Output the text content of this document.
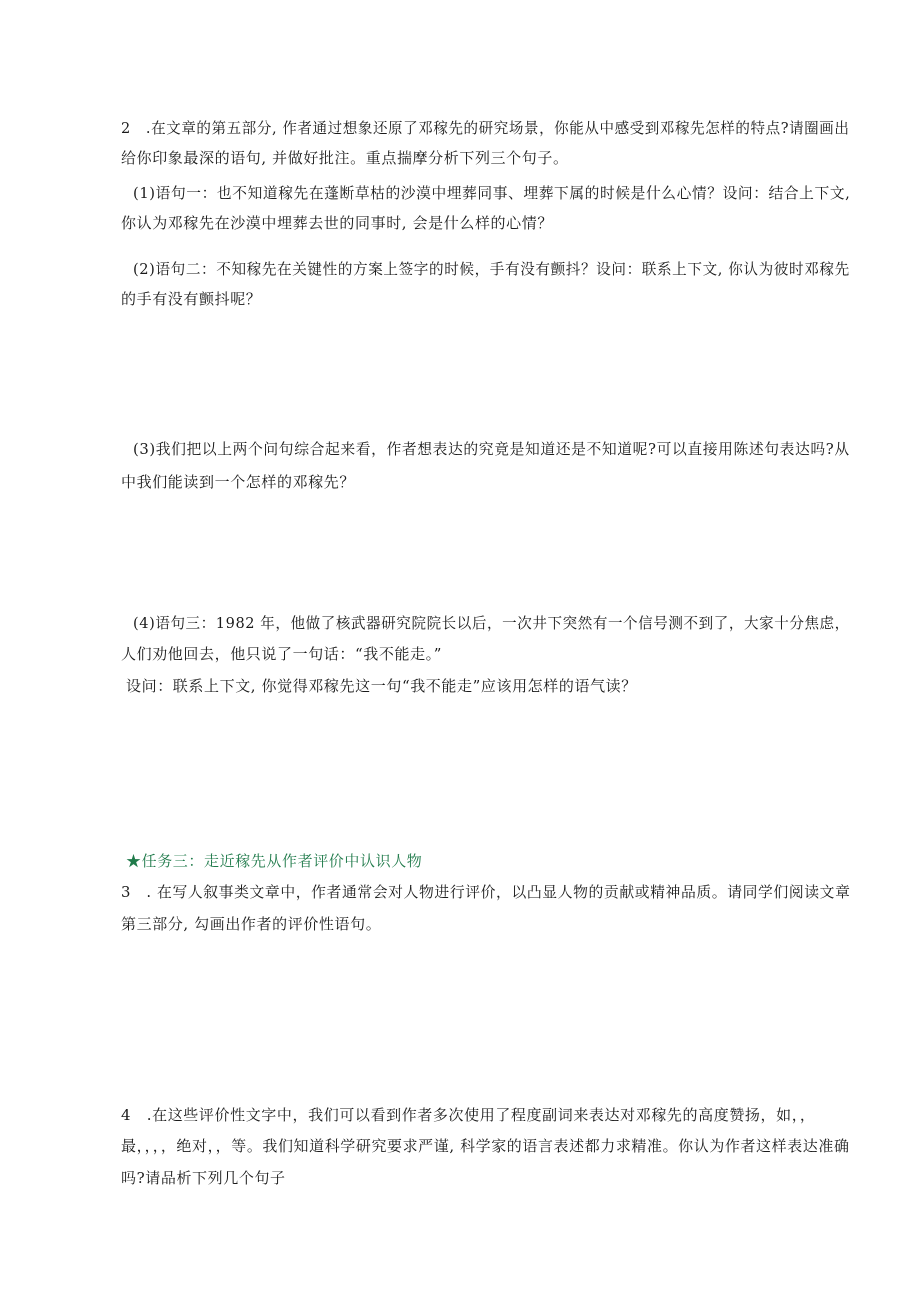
2　.在文章的第五部分, 作者通过想象还原了邓稼先的研究场景，你能从中感受到邓稼先怎样的特点?请圈画出
给你印象最深的语句, 并做好批注。重点揣摩分析下列三个句子。
(1)语句一：也不知道稼先在蓬断草枯的沙漠中埋葬同事、埋葬下属的时候是什么心情？设问：结合上下文,
你认为邓稼先在沙漠中埋葬去世的同事时, 会是什么样的心情？
(2)语句二：不知稼先在关键性的方案上签字的时候，手有没有颤抖？设问：联系上下文, 你认为彼时邓稼先
的手有没有颤抖呢？
(3)我们把以上两个问句综合起来看，作者想表达的究竟是知道还是不知道呢?可以直接用陈述句表达吗?从
中我们能读到一个怎样的邓稼先？
(4)语句三：1982 年，他做了核武器研究院院长以后，一次井下突然有一个信号测不到了，大家十分焦虑，
人们劝他回去，他只说了一句话：“我不能走。”
设问：联系上下文, 你觉得邓稼先这一句“我不能走”应该用怎样的语气读？
★任务三：走近稼先从作者评价中认识人物
3　. 在写人叙事类文章中，作者通常会对人物进行评价，以凸显人物的贡献或精神品质。请同学们阅读文章
第三部分, 勾画出作者的评价性语句。
4　.在这些评价性文字中，我们可以看到作者多次使用了程度副词来表达对邓稼先的高度赞扬，如，，
最，，，，绝对，，等。我们知道科学研究要求严谨, 科学家的语言表述都力求精准。你认为作者这样表达准确
吗?请品析下列几个句子
